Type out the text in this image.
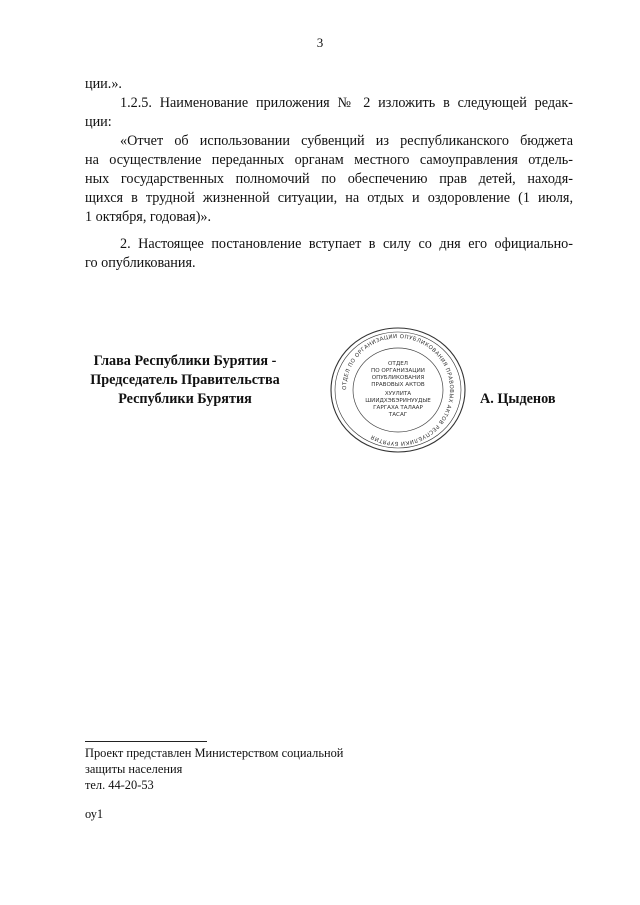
3
ции.».
1.2.5. Наименование приложения № 2 изложить в следующей редак-
ции:
«Отчет об использовании субвенций из республиканского бюджета
на осуществление переданных органам местного самоуправления отдель-
ных государственных полномочий по обеспечению прав детей, находя-
щихся в трудной жизненной ситуации, на отдых и оздоровление (1 июля,
1 октября, годовая)».
2. Настоящее постановление вступает в силу со дня его официально-
го опубликования.
Глава Республики Бурятия -
Председатель Правительства
Республики Бурятия	А. Цыденов
ОТДЕЛ ПО ОРГАНИЗАЦИИ ОПУБЛИКОВАНИЯ ПРАВОВЫХ АКТОВ РЕСПУБЛИКИ БУРЯТИЯ
ОТДЕЛ
ПО ОРГАНИЗАЦИИ
ОПУБЛИКОВАНИЯ
ПРАВОВЫХ АКТОВ
ХУУЛИТА
ШИИДХЭБЭРИНУУДЫЕ
ГАРГАХА ТАЛААР
ТАСАГ
Проект представлен Министерством социальной
защиты населения
тел. 44-20-53
оу1
